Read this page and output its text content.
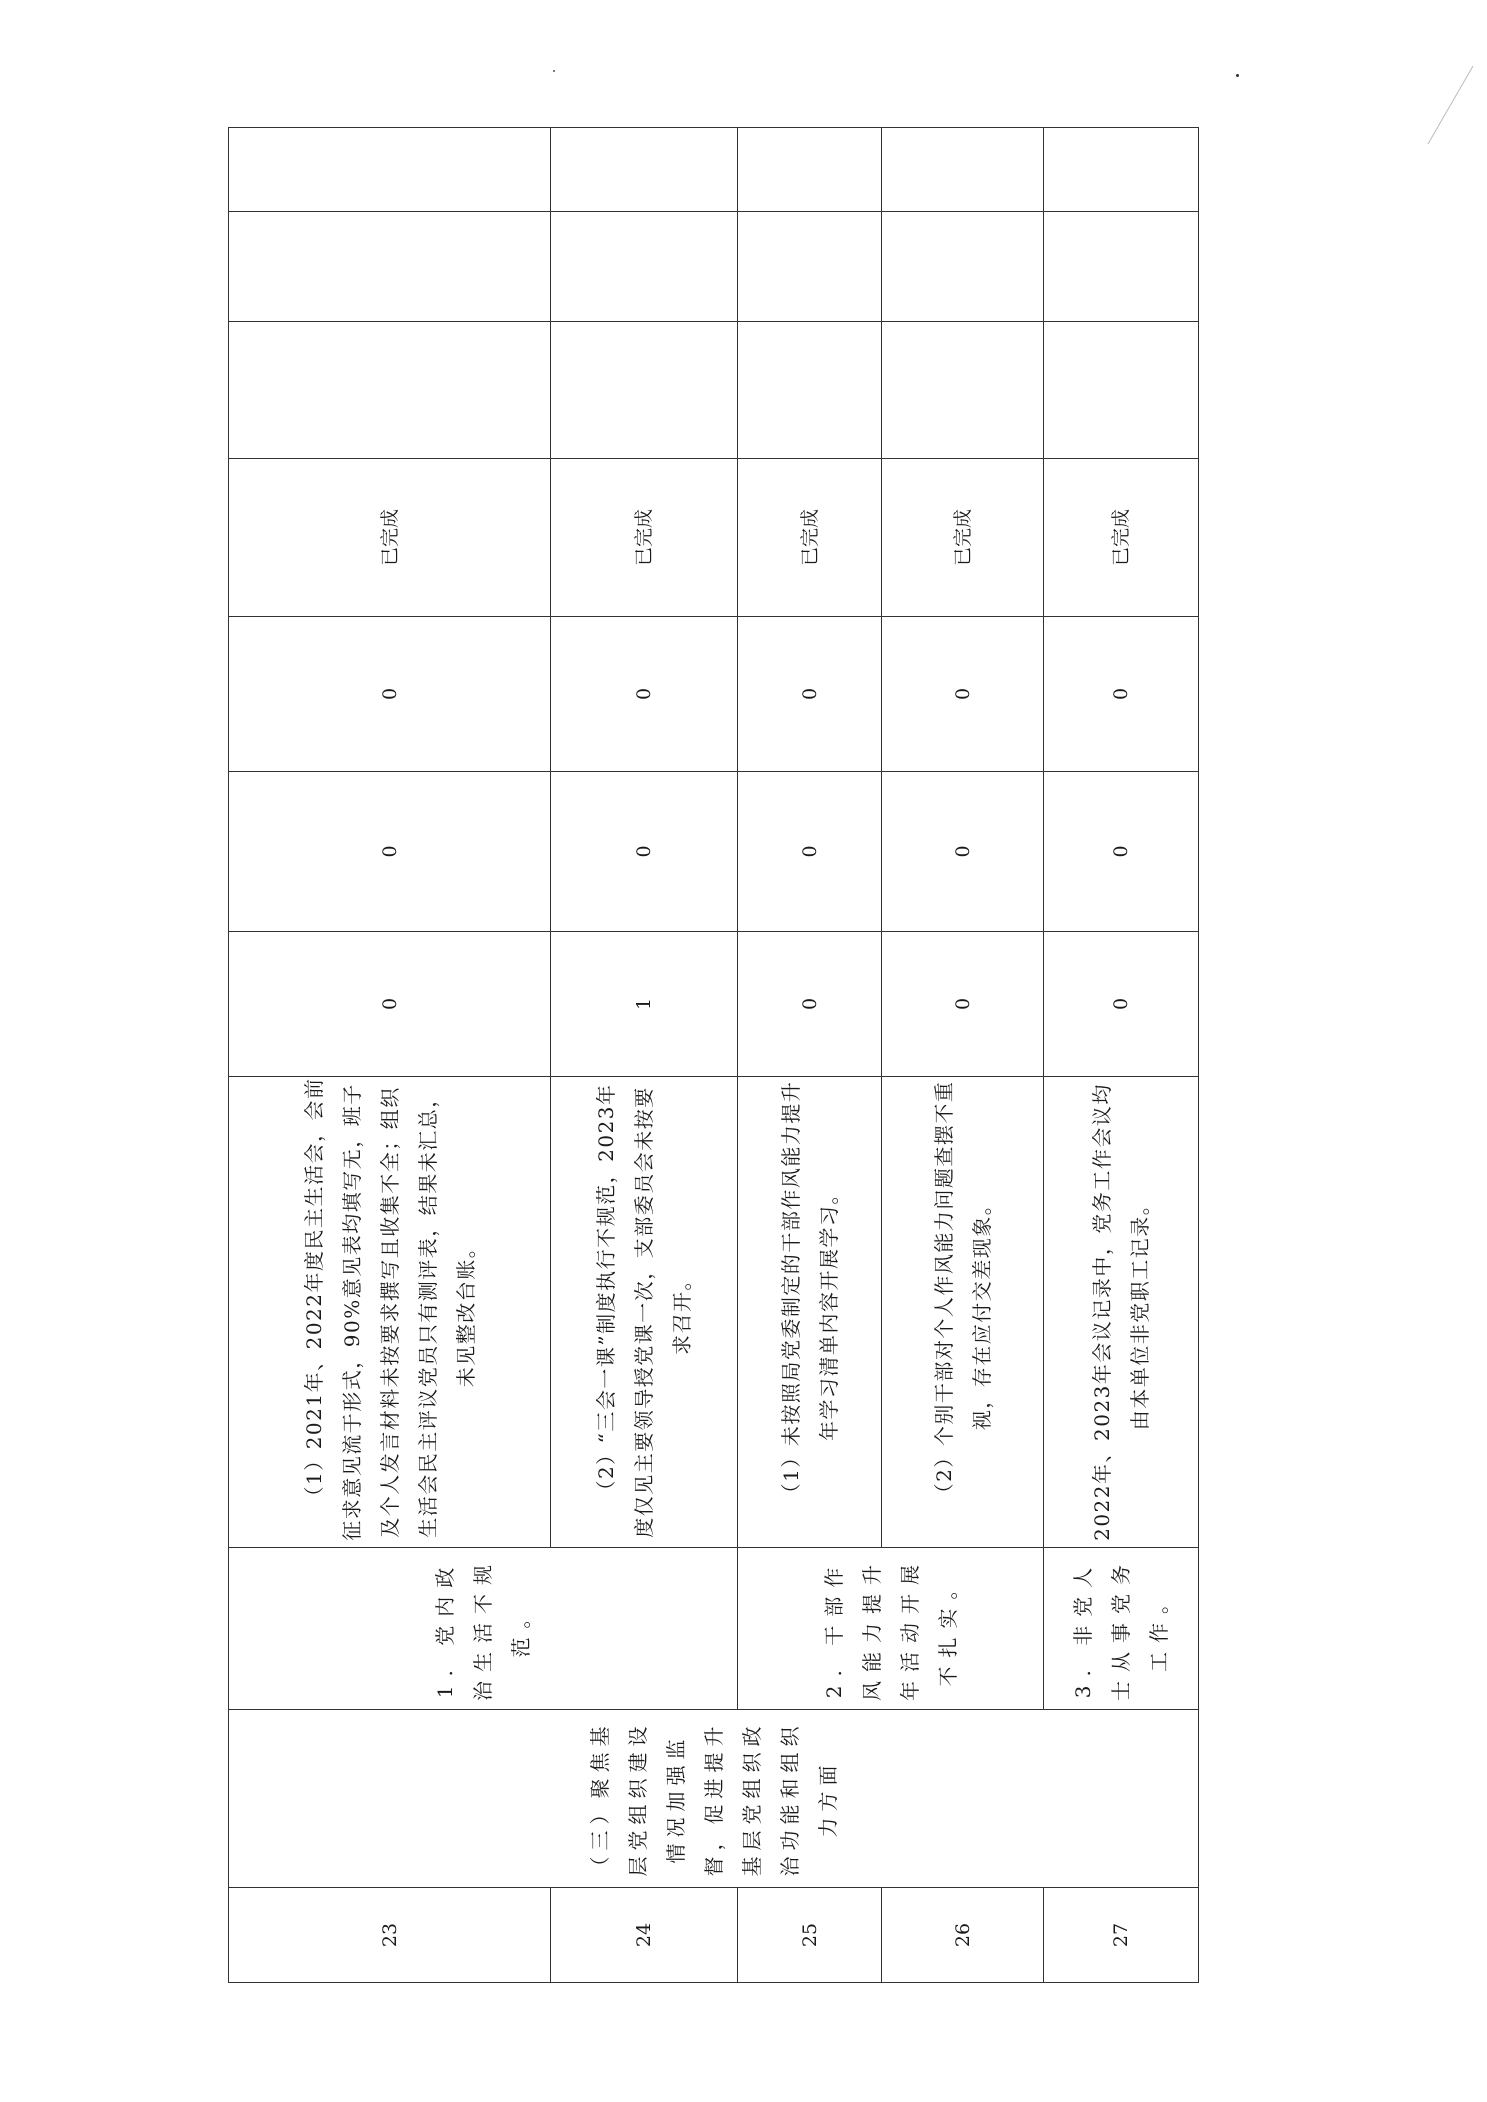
23	（三）聚焦基层党组织建设情况加强监督，促进提升基层党组织政治功能和组织力方面	1. 党内政治生活不规范。	（1）2021年、2022年度民主生活会，会前征求意见流于形式，90%意见表均填写无，班子及个人发言材料未按要求撰写且收集不全；组织生活会民主评议党员只有测评表，结果未汇总，未见整改台账。	0	0	0	已完成			
24			（2）“三会一课”制度执行不规范，2023年度仅见主要领导授党课一次，支部委员会未按要求召开。	1	0	0	已完成			
25		2. 干部作风能力提升年活动开展不扎实。	（1）未按照局党委制定的干部作风能力提升年学习清单内容开展学习。	0	0	0	已完成			
26			（2）个别干部对个人作风能力问题查摆不重视，存在应付交差现象。	0	0	0	已完成			
27		3. 非党人士从事党务工作。	2022年、2023年会议记录中，党务工作会议均由本单位非党职工记录。	0	0	0	已完成			
